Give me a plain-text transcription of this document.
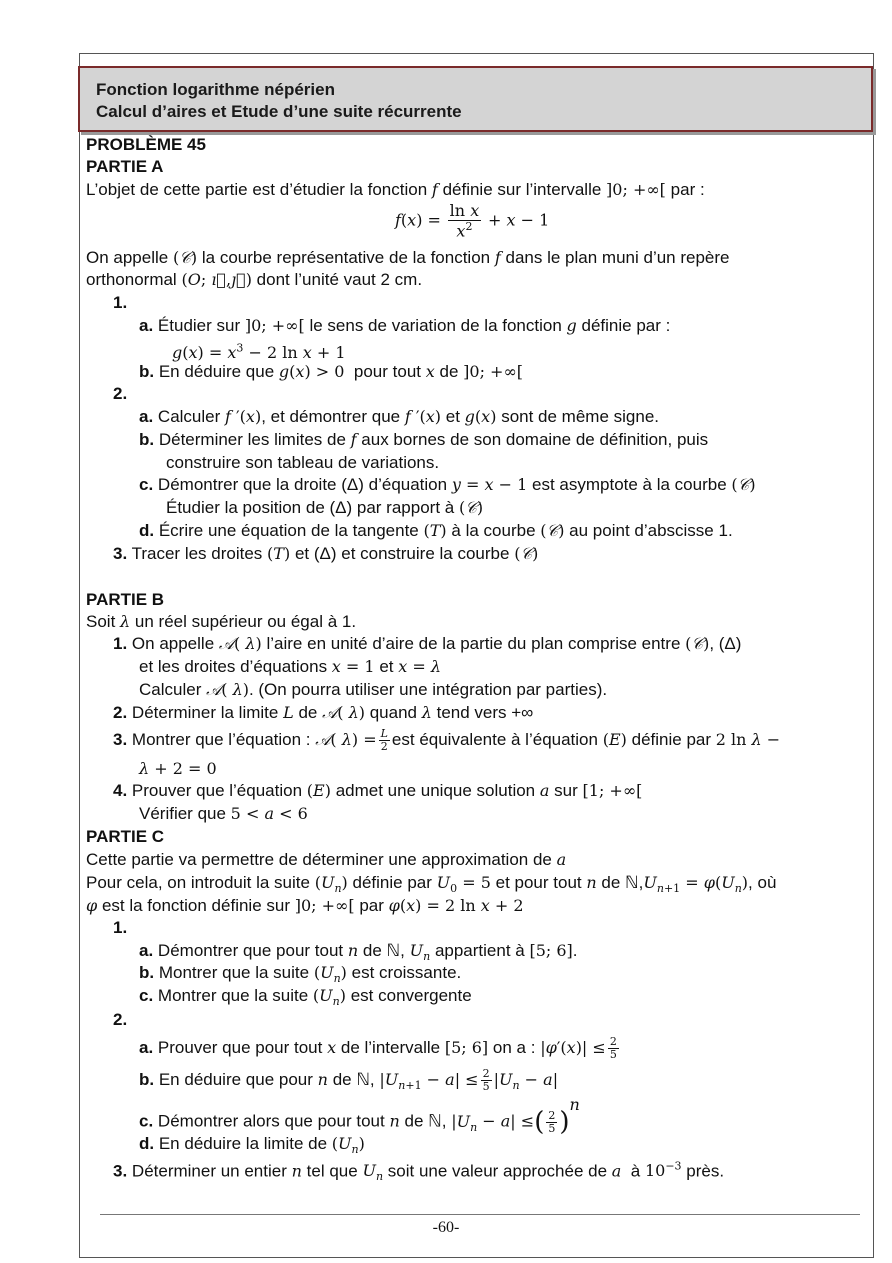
Fonction logarithme népérien
Calcul d’aires et Etude d’une suite récurrente
PROBLÈME 45
PARTIE A
L’objet de cette partie est d’étudier la fonction f définie sur l’intervalle ]0; +∞[ par :
$f(x) = \frac{\text{ln x}}{x^2} + x - 1$
On appelle (𝒞) la courbe représentative de la fonction f dans le plan muni d’un repère
orthonormal (O; ı⃗,ȷ⃗) dont l’unité vaut 2 cm.
1.
a. Étudier sur ]0; +∞[ le sens de variation de la fonction g définie par :
$g(x) = x^3 - 2$ ln x + 1
b. En déduire que g(x) > 0 pour tout x de ]0; +∞[
2.
a. Calculer f ′(x), et démontrer que f ′(x) et g(x) sont de même signe.
b. Déterminer les limites de f aux bornes de son domaine de définition, puis
construire son tableau de variations.
c. Démontrer que la droite (Δ) d’équation y = x − 1 est asymptote à la courbe (𝒞)
Étudier la position de (Δ) par rapport à (𝒞)
d. Écrire une équation de la tangente (T) à la courbe (𝒞) au point d’abscisse 1.
3. Tracer les droites (T) et (Δ) et construire la courbe (𝒞)
PARTIE B
Soit λ un réel supérieur ou égal à 1.
1. On appelle 𝒜( λ) l’aire en unité d’aire de la partie du plan comprise entre (𝒞), (Δ)
et les droites d’équations x = 1 et x = λ
Calculer 𝒜( λ). (On pourra utiliser une intégration par parties).
2. Déterminer la limite L de 𝒜( λ) quand λ tend vers +∞
3. Montrer que l’équation : 𝒜( $\lambda) = \frac{L}{2}$ est équivalente à l’équation (E) définie par 2 ln λ −
λ + 2 = 0
4. Prouver que l’équation (E) admet une unique solution a sur [1; +∞[
Vérifier que 5 < a < 6
PARTIE C
Cette partie va permettre de déterminer une approximation de a
Pour cela, on introduit la suite $(U_n)$ définie par $U_0 = 5$ et pour tout n de $ℕ,U_{n+1} = \varphi(U_n)$, où
φ est la fonction définie sur ]0; +∞[ par φ(x) = 2 ln x + 2
1.
a. Démontrer que pour tout n de ℕ, $U_n$ appartient à [5; 6].
b. Montrer que la suite $(U_n)$ est croissante.
c. Montrer que la suite $(U_n)$ est convergente
2.
a. Prouver que pour tout x de l’intervalle [5; 6] on a : $|\varphi'(x)| \le \frac{2}{5}$
b. En déduire que pour n de ℕ, $|U_{n+1} - a| \le \frac{2}{5} |U_n - a|$
c. Démontrer alors que pour tout n de ℕ, $|U_n - a|$ ≤( $\frac{2}{5} )^n$
d. En déduire la limite de $(U_n)$
3. Déterminer un entier n tel que $U_n$ soit une valeur approchée de a à $10^{-3}$ près.
-60-
